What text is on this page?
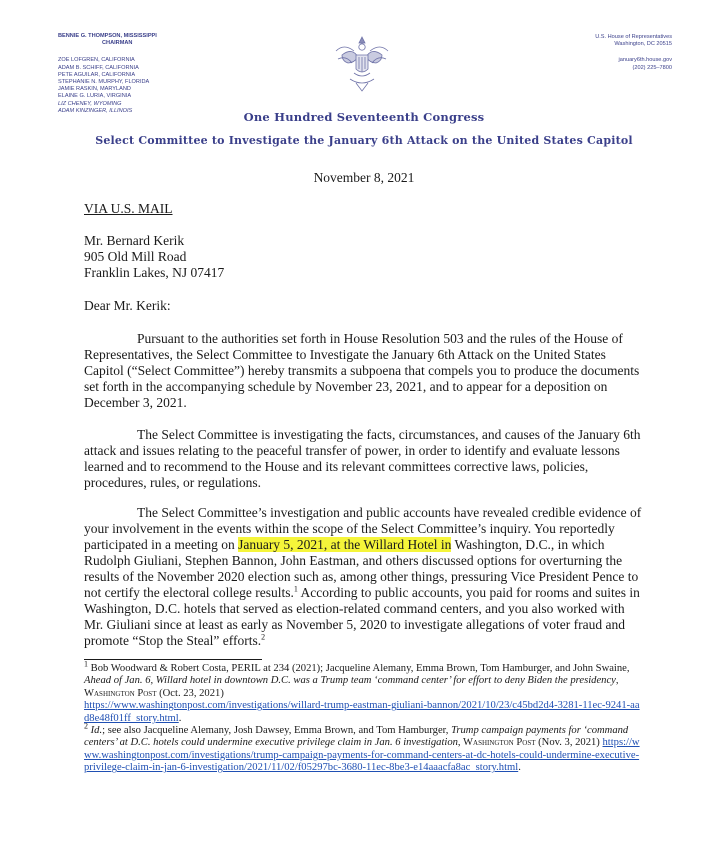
BENNIE G. THOMPSON, MISSISSIPPI
CHAIRMAN
ZOE LOFGREN, CALIFORNIA
ADAM B. SCHIFF, CALIFORNIA
PETE AGUILAR, CALIFORNIA
STEPHANIE N. MURPHY, FLORIDA
JAMIE RASKIN, MARYLAND
ELAINE G. LURIA, VIRGINIA
LIZ CHENEY, WYOMING
ADAM KINZINGER, ILLINOIS
U.S. House of Representatives
Washington, DC 20515
january6th.house.gov
(202) 225–7800
One Hundred Seventeenth Congress
Select Committee to Investigate the January 6th Attack on the United States Capitol
November 8, 2021
VIA U.S. MAIL
Mr. Bernard Kerik
905 Old Mill Road
Franklin Lakes, NJ 07417
Dear Mr. Kerik:
Pursuant to the authorities set forth in House Resolution 503 and the rules of the House of Representatives, the Select Committee to Investigate the January 6th Attack on the United States Capitol (“Select Committee”) hereby transmits a subpoena that compels you to produce the documents set forth in the accompanying schedule by November 23, 2021, and to appear for a deposition on December 3, 2021.
The Select Committee is investigating the facts, circumstances, and causes of the January 6th attack and issues relating to the peaceful transfer of power, in order to identify and evaluate lessons learned and to recommend to the House and its relevant committees corrective laws, policies, procedures, rules, or regulations.
The Select Committee’s investigation and public accounts have revealed credible evidence of your involvement in the events within the scope of the Select Committee’s inquiry. You reportedly participated in a meeting on January 5, 2021, at the Willard Hotel in Washington, D.C., in which Rudolph Giuliani, Stephen Bannon, John Eastman, and others discussed options for overturning the results of the November 2020 election such as, among other things, pressuring Vice President Pence to not certify the electoral college results.$^1$ According to public accounts, you paid for rooms and suites in Washington, D.C. hotels that served as election-related command centers, and you also worked with Mr. Giuliani since at least as early as November 5, 2020 to investigate allegations of voter fraud and promote “Stop the Steal” efforts.$^2$
$^1$ Bob Woodward & Robert Costa, PERIL at 234 (2021); Jacqueline Alemany, Emma Brown, Tom Hamburger, and John Swaine, Ahead of Jan. 6, Willard hotel in downtown D.C. was a Trump team ‘command center’ for effort to deny Biden the presidency, Washington Post (Oct. 23, 2021)
https://www.washingtonpost.com/investigations/willard-trump-eastman-giuliani-bannon/2021/10/23/c45bd2d4-3281-11ec-9241-aad8e48f01ff_story.html.
$^2$ Id.; see also Jacqueline Alemany, Josh Dawsey, Emma Brown, and Tom Hamburger, Trump campaign payments for ‘command centers’ at D.C. hotels could undermine executive privilege claim in Jan. 6 investigation, Washington Post (Nov. 3, 2021) https://www.washingtonpost.com/investigations/trump-campaign-payments-for-command-centers-at-dc-hotels-could-undermine-executive-privilege-claim-in-jan-6-investigation/2021/11/02/f05297bc-3680-11ec-8be3-e14aaacfa8ac_story.html.
